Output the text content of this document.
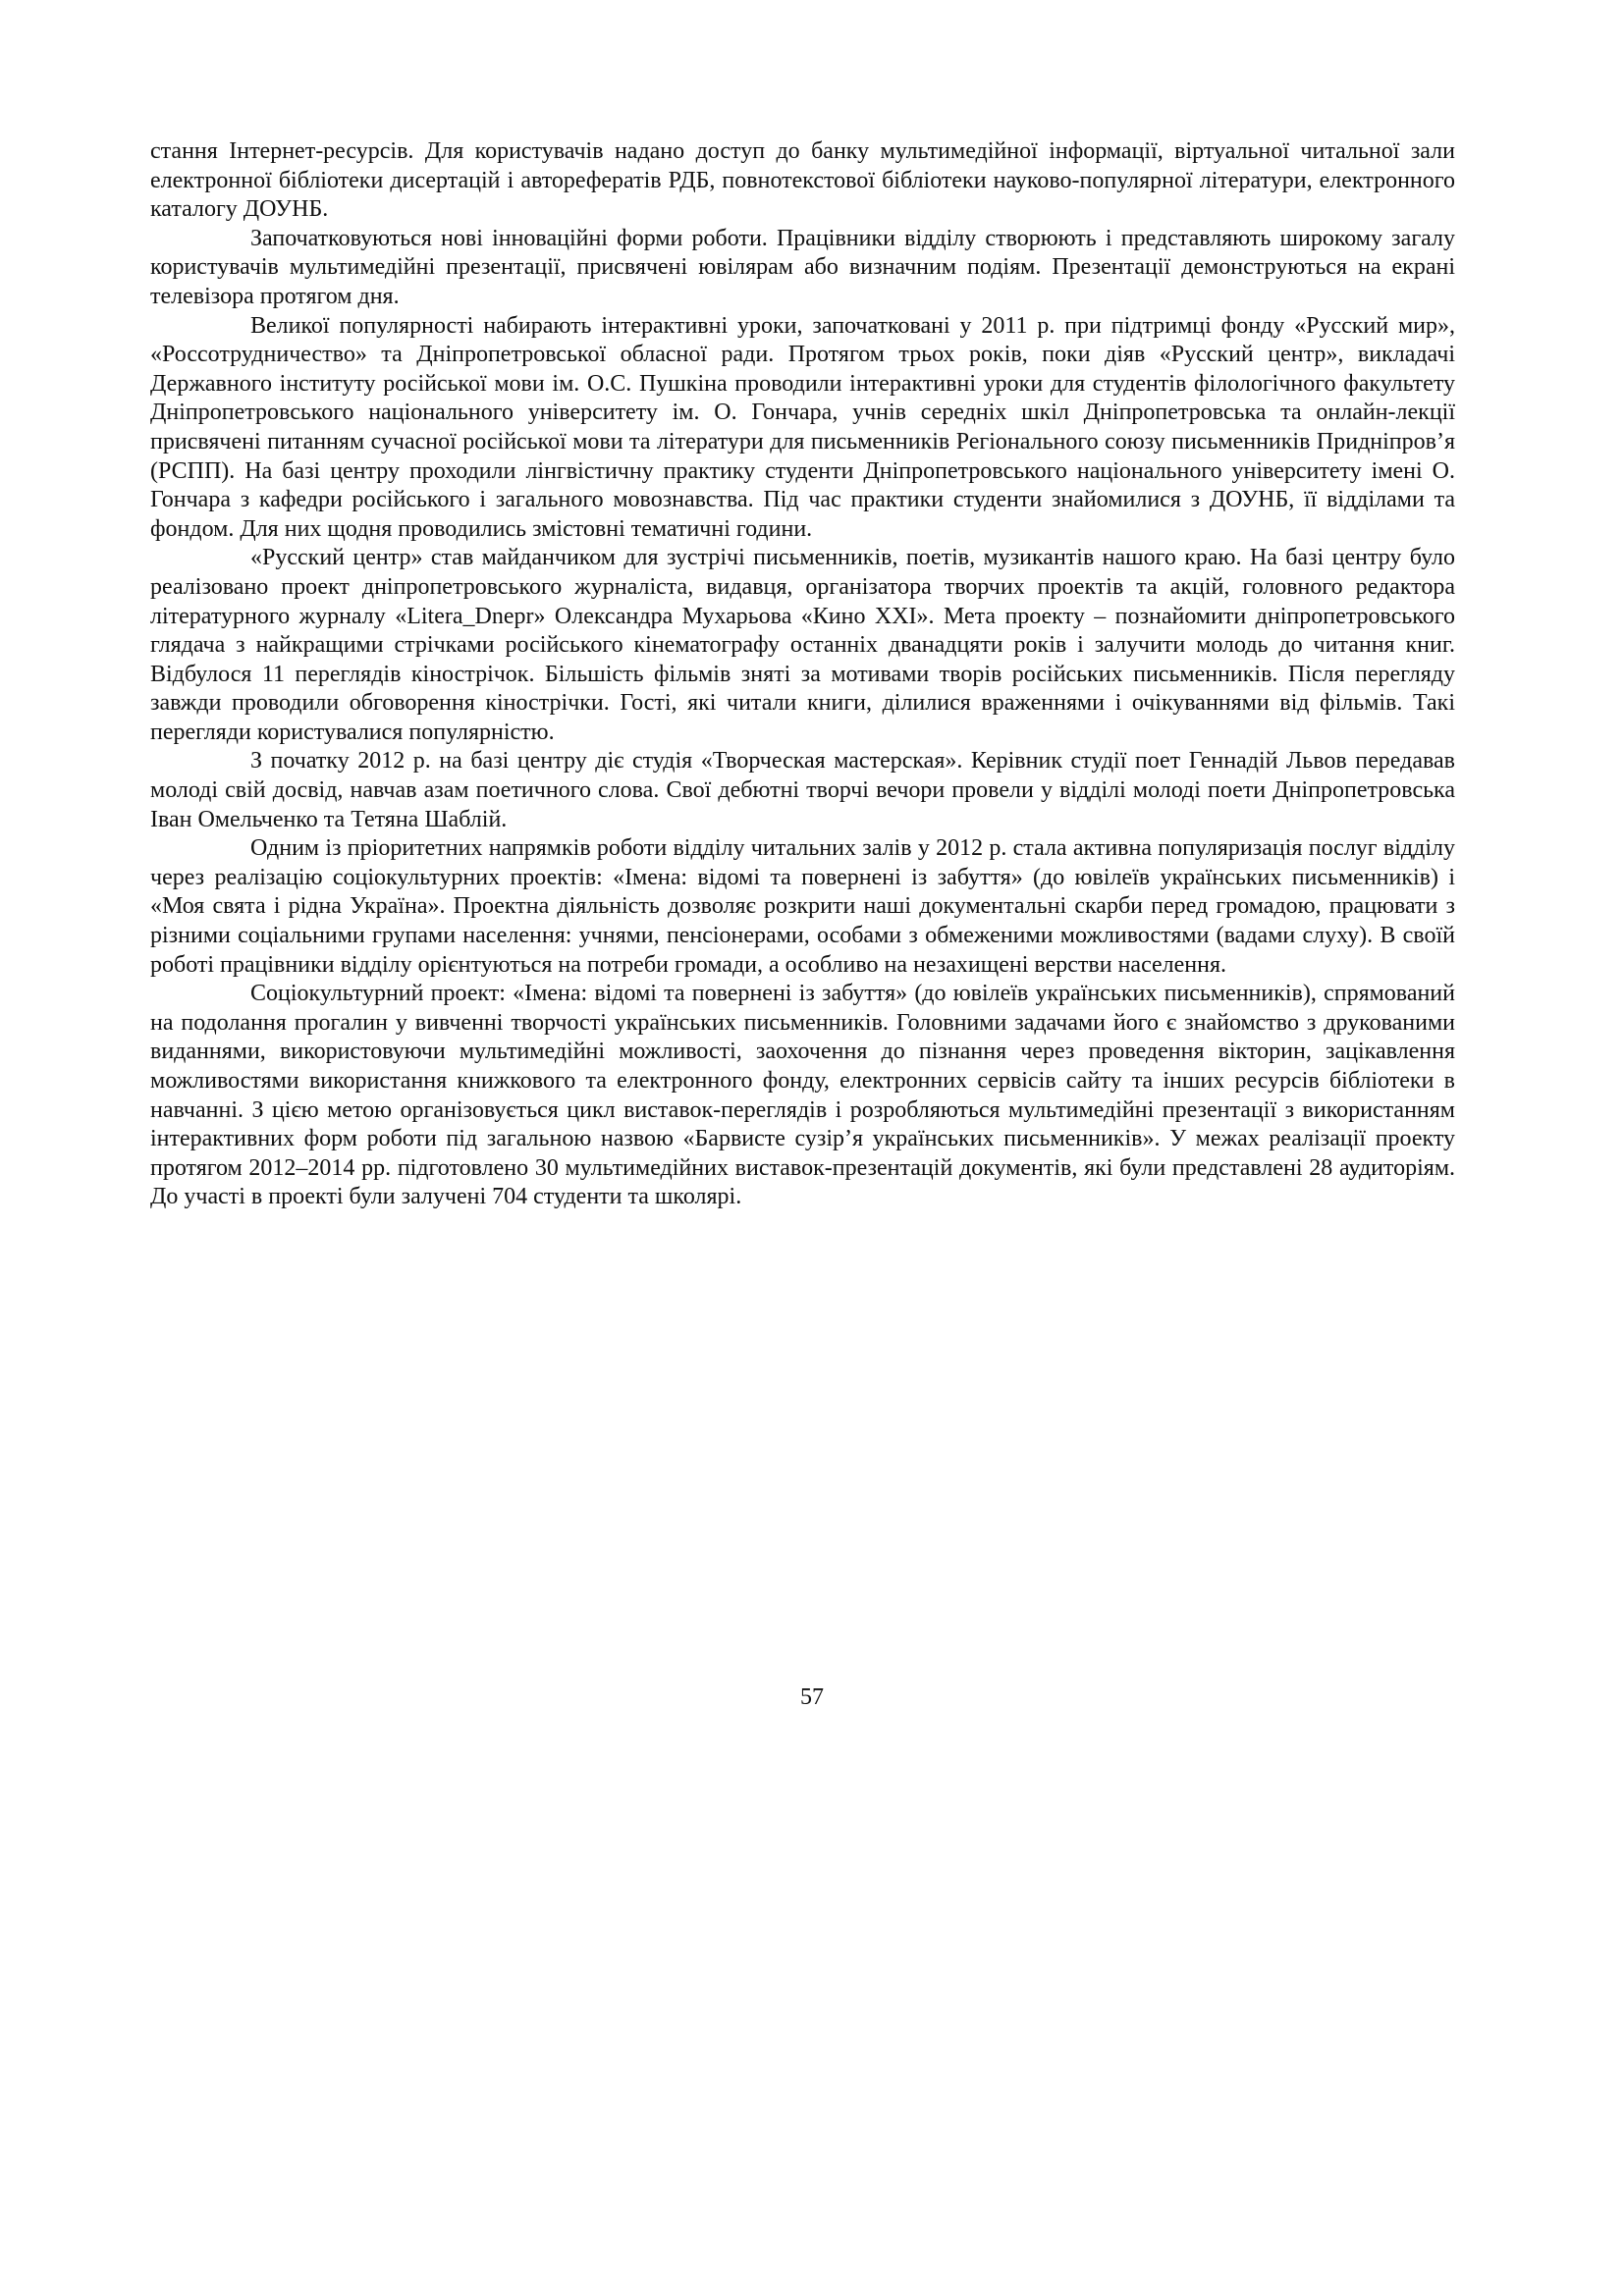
стання Інтернет-ресурсів. Для користувачів надано доступ до банку мультимедійної інформації, віртуальної читальної зали електронної бібліотеки дисертацій і авторефератів РДБ, повнотекстової бібліотеки науково-популярної літератури, електронного каталогу ДОУНБ.

Започатковуються нові інноваційні форми роботи. Працівники відділу створюють і представляють широкому загалу користувачів мультимедійні презентації, присвячені ювілярам або визначним подіям. Презентації демонструються на екрані телевізора протягом дня.

Великої популярності набирають інтерактивні уроки, започатковані у 2011 р. при підтримці фонду «Русский мир», «Россотрудничество» та Дніпропетровської обласної ради. Протягом трьох років, поки діяв «Русский центр», викладачі Державного інституту російської мови ім. О.С. Пушкіна проводили інтерактивні уроки для студентів філологічного факультету Дніпропетровського національного університету ім. О. Гончара, учнів середніх шкіл Дніпропетровська та онлайн-лекції присвячені питанням сучасної російської мови та літератури для письменників Регіонального союзу письменників Придніпров’я (РСПП). На базі центру проходили лінгвістичну практику студенти Дніпропетровського національного університету імені О. Гончара з кафедри російського і загального мовознавства. Під час практики студенти знайомилися з ДОУНБ, її відділами та фондом. Для них щодня проводились змістовні тематичні години.

«Русский центр» став майданчиком для зустрічі письменників, поетів, музикантів нашого краю. На базі центру було реалізовано проект дніпропетровського журналіста, видавця, організатора творчих проектів та акцій, головного редактора літературного журналу «Litera_Dnepr» Олександра Мухарьова «Кино XXI». Мета проекту – познайомити дніпропетровського глядача з найкращими стрічками російського кінематографу останніх дванадцяти років і залучити молодь до читання книг. Відбулося 11 переглядів кінострічок. Більшість фільмів зняті за мотивами творів російських письменників. Після перегляду завжди проводили обговорення кінострічки. Гості, які читали книги, ділилися враженнями і очікуваннями від фільмів. Такі перегляди користувалися популярністю.

З початку 2012 р. на базі центру діє студія «Творческая мастерская». Керівник студії поет Геннадій Львов передавав молоді свій досвід, навчав азам поетичного слова. Свої дебютні творчі вечори провели у відділі молоді поети Дніпропетровська Іван Омельченко та Тетяна Шаблій.

Одним із пріоритетних напрямків роботи відділу читальних залів у 2012 р. стала активна популяризація послуг відділу через реалізацію соціокультурних проектів: «Імена: відомі та повернені із забуття» (до ювілеїв українських письменників) і «Моя свята і рідна Україна». Проектна діяльність дозволяє розкрити наші документальні скарби перед громадою, працювати з різними соціальними групами населення: учнями, пенсіонерами, особами з обмеженими можливостями (вадами слуху). В своїй роботі працівники відділу орієнтуються на потреби громади, а особливо на незахищені верстви населення.

Соціокультурний проект: «Імена: відомі та повернені із забуття» (до ювілеїв українських письменників), спрямований на подолання прогалин у вивченні творчості українських письменників. Головними задачами його є знайомство з друкованими виданнями, використовуючи мультимедійні можливості, заохочення до пізнання через проведення вікторин, зацікавлення можливостями використання книжкового та електронного фонду, електронних сервісів сайту та інших ресурсів бібліотеки в навчанні. З цією метою організовується цикл виставок-переглядів і розробляються мультимедійні презентації з використанням інтерактивних форм роботи під загальною назвою «Барвисте сузір’я українських письменників». У межах реалізації проекту протягом 2012–2014 рр. підготовлено 30 мультимедійних виставок-презентацій документів, які були представлені 28 аудиторіям. До участі в проекті були залучені 704 студенти та школярі.

57
